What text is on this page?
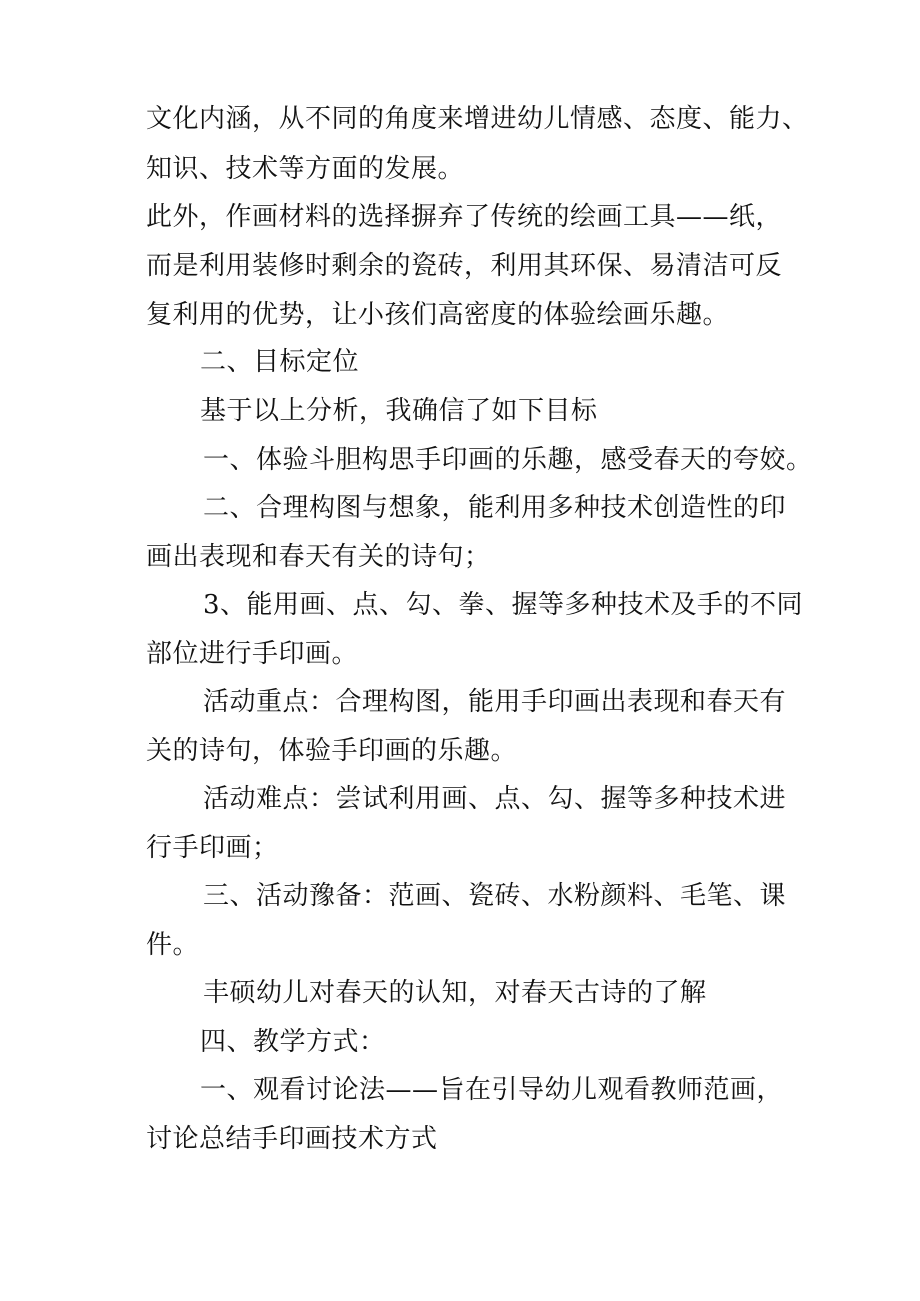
文化内涵，从不同的角度来增进幼儿情感、态度、能力、
知识、技术等方面的发展。
此外，作画材料的选择摒弃了传统的绘画工具——纸，
而是利用装修时剩余的瓷砖，利用其环保、易清洁可反
复利用的优势，让小孩们高密度的体验绘画乐趣。
二、目标定位
基于以上分析，我确信了如下目标
一、体验斗胆构思手印画的乐趣，感受春天的夸姣。
二、合理构图与想象，能利用多种技术创造性的印
画出表现和春天有关的诗句；
3、能用画、点、勾、拳、握等多种技术及手的不同
部位进行手印画。
活动重点：合理构图，能用手印画出表现和春天有
关的诗句，体验手印画的乐趣。
活动难点：尝试利用画、点、勾、握等多种技术进
行手印画；
三、活动豫备：范画、瓷砖、水粉颜料、毛笔、课
件。
丰硕幼儿对春天的认知，对春天古诗的了解
四、教学方式：
一、观看讨论法——旨在引导幼儿观看教师范画，
讨论总结手印画技术方式
